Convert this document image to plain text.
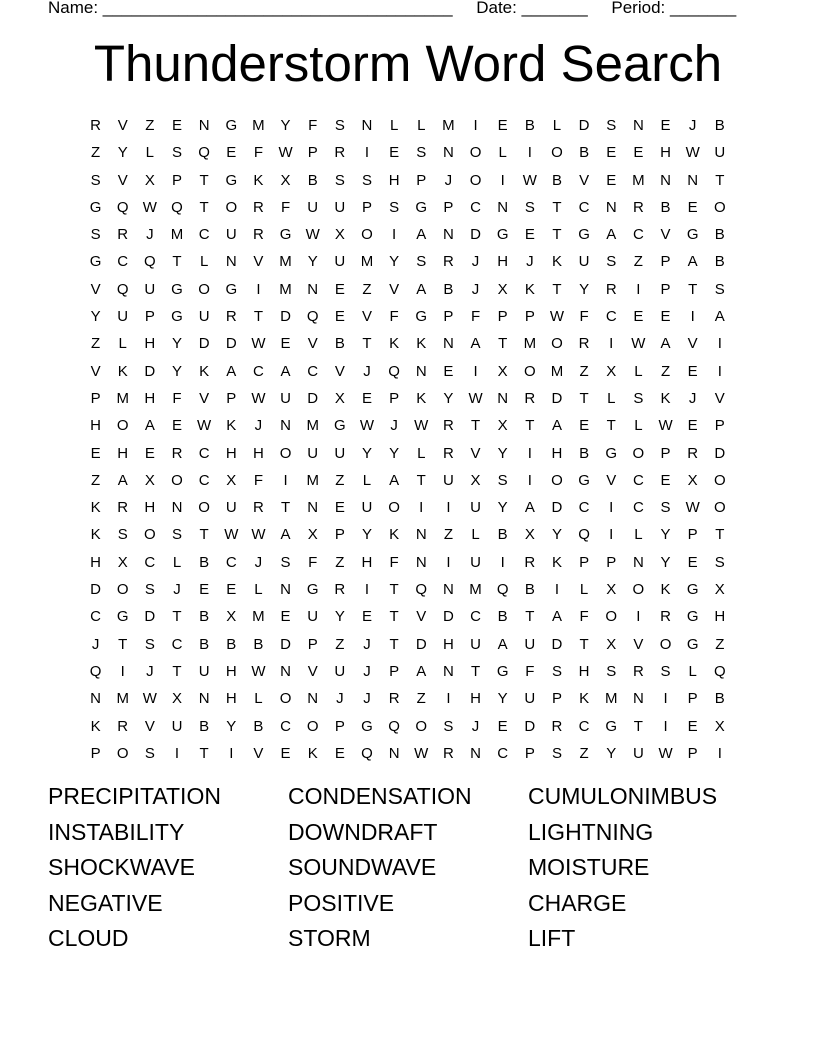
Name: _____________________________________     Date: _______     Period: _______
Thunderstorm Word Search
R	V	Z	E	N	G	M	Y	F	S	N	L	L	M	I	E	B	L	D	S	N	E	J	B
Z	Y	L	S	Q	E	F	W	P	R	I	E	S	N	O	L	I	O	B	E	E	H W U
S	V	X	P	T	G	K	X	B	S	S	H	P	J	O	I	W	B	V	E	M	N	N	T
G	Q W Q	T	O	R	F	U	U	P	S	G	P	C	N	S	T	C	N	R	B	E	O
S	R	J	M	C	U	R	G W	X	O	I	A	N	D	G	E	T	G	A	C	V	G	B
G	C	Q	T	L	N	V	M	Y	U	M	Y	S	R	J	H	J	K	U	S	Z	P	A	B
V	Q	U	G	O	G	I	M	N	E	Z	V	A	B	J	X	K	T	Y	R	I	P	T	S
Y	U	P	G	U	R	T	D	Q	E	V	F	G	P	F	P	P	W	F	C	E	E	I	A
Z	L	H	Y	D	D W	E	V	B	T	K	K	N	A	T	M	O	R	I	W	A	V	I
V	K	D	Y	K	A	C	A	C	V	J	Q	N	E	I	X	O	M	Z	X	L	Z	E	I
P	M	H	F	V	P	W U	D	X	E	P	K	Y	W N	R	D	T	L	S	K	J	V
H	O	A	E	W	K	J	N	M	G W	J	W R	T	X	T	A	E	T	L	W	E	P
E	H	E	R	C	H	H	O	U	U	Y	Y	L	R	V	Y	I	H	B	G	O	P	R	D
Z	A	X	O	C	X	F	I	M	Z	L	A	T	U	X	S	I	O	G	V	C	E	X	O
K	R	H	N	O	U	R	T	N	E	U	O	I	I	U	Y	A	D	C	I	C	S	W O
K	S	O	S	T	W W	A	X	P	Y	K	N	Z	L	B	X	Y	Q	I	L	Y	P	T
H	X	C	L	B	C	J	S	F	Z	H	F	N	I	U	I	R	K	P	P	N	Y	E	S
D	O	S	J	E	E	L	N	G	R	I	T	Q	N	M	Q	B	I	L	X	O	K	G	X
C	G	D	T	B	X	M	E	U	Y	E	T	V	D	C	B	T	A	F	O	I	R	G	H
J	T	S	C	B	B	B	D	P	Z	J	T	D	H	U	A	U	D	T	X	V	O	G	Z
Q	I	J	T	U	H W N	V	U	J	P	A	N	T	G	F	S	H	S	R	S	L	Q
N	M W	X	N	H	L	O	N	J	J	R	Z	I	H	Y	U	P	K	M	N	I	P	B
K	R	V	U	B	Y	B	C	O	P	G	Q	O	S	J	E	D	R	C	G	T	I	E	X
P	O	S	I	T	I	V	E	K	E	Q	N W R	N	C	P	S	Z	Y	U W	P	I
PRECIPITATION	CONDENSATION	CUMULONIMBUS
INSTABILITY	DOWNDRAFT	LIGHTNING
SHOCKWAVE	SOUNDWAVE	MOISTURE
NEGATIVE	POSITIVE	CHARGE
CLOUD	STORM	LIFT
